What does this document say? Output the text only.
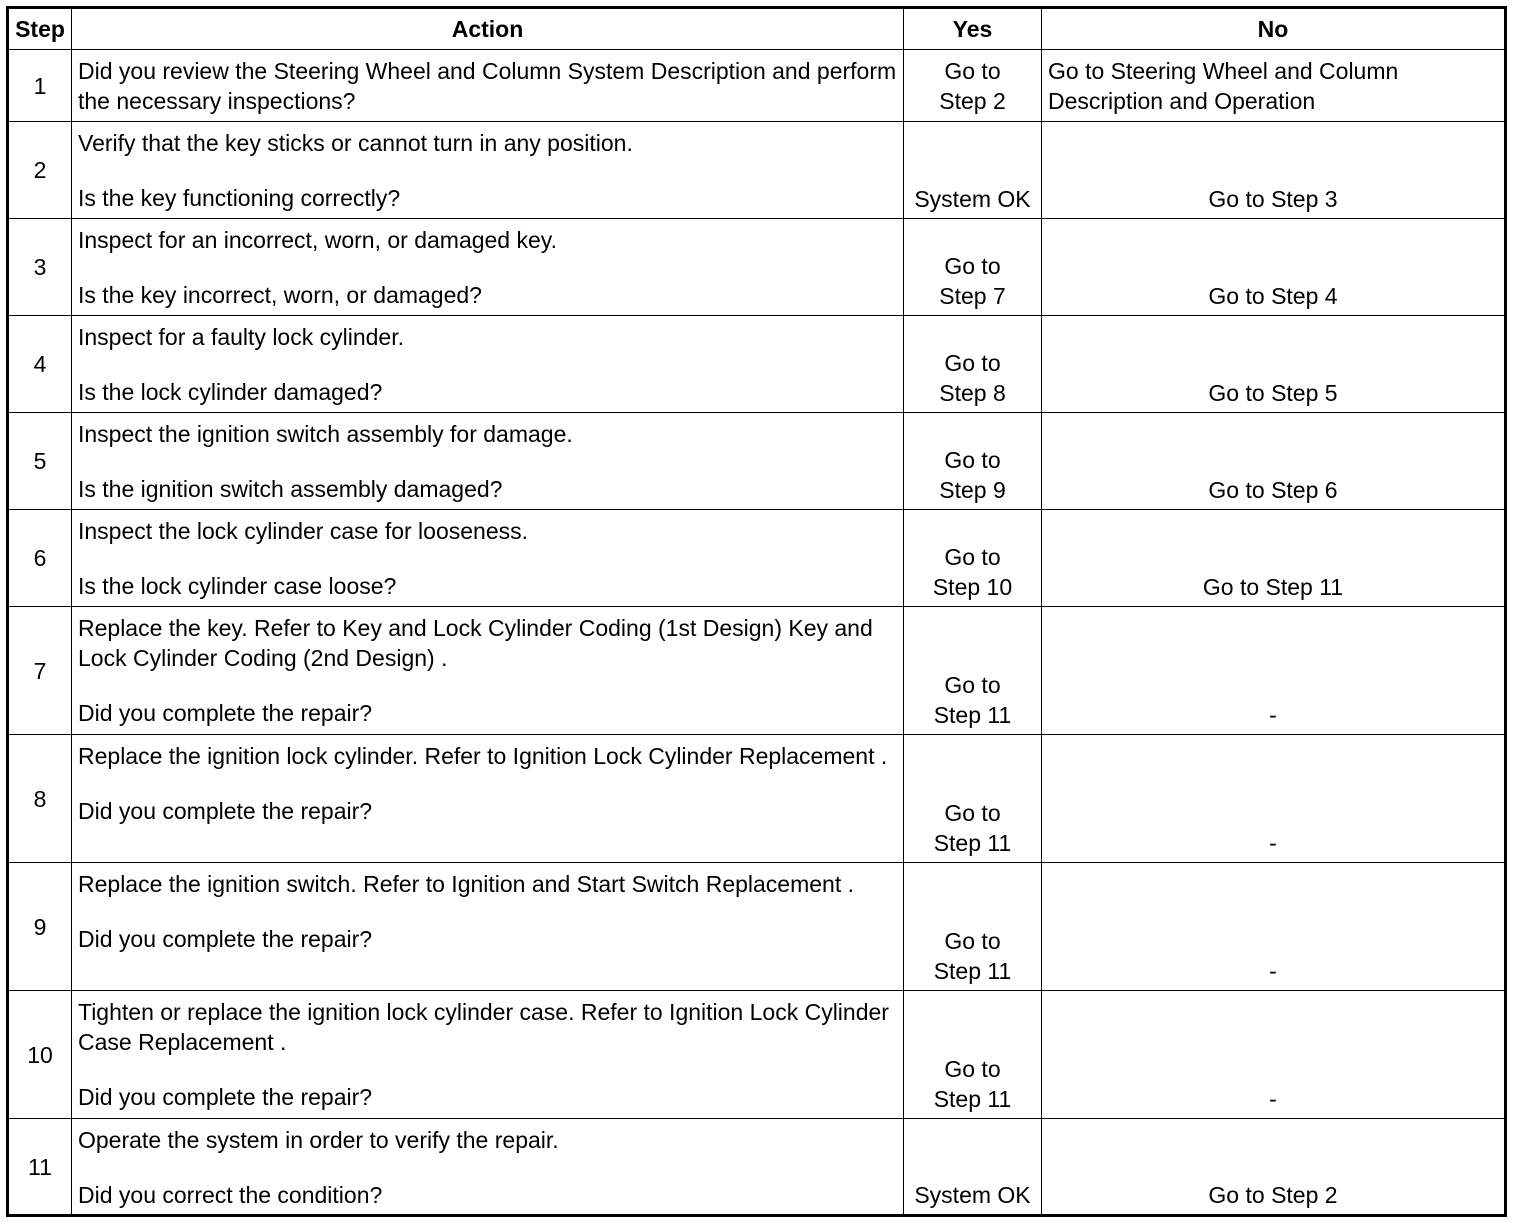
Step	Action	Yes	No
1	Did you review the Steering Wheel and Column System Description and perform the necessary inspections?	Go to
Step 2	Go to Steering Wheel and Column Description and Operation
2	Verify that the key sticks or cannot turn in any position.
Is the key functioning correctly?	System OK	Go to Step 3
3	Inspect for an incorrect, worn, or damaged key.
Is the key incorrect, worn, or damaged?	Go to
Step 7	Go to Step 4
4	Inspect for a faulty lock cylinder.
Is the lock cylinder damaged?	Go to
Step 8	Go to Step 5
5	Inspect the ignition switch assembly for damage.
Is the ignition switch assembly damaged?	Go to
Step 9	Go to Step 6
6	Inspect the lock cylinder case for looseness.
Is the lock cylinder case loose?	Go to
Step 10	Go to Step 11
7	Replace the key. Refer to Key and Lock Cylinder Coding (1st Design) Key and Lock Cylinder Coding (2nd Design) .
Did you complete the repair?	Go to
Step 11	-
8	Replace the ignition lock cylinder. Refer to Ignition Lock Cylinder Replacement .
Did you complete the repair?	Go to
Step 11	-
9	Replace the ignition switch. Refer to Ignition and Start Switch Replacement .
Did you complete the repair?	Go to
Step 11	-
10	Tighten or replace the ignition lock cylinder case. Refer to Ignition Lock Cylinder Case Replacement .
Did you complete the repair?	Go to
Step 11	-
11	Operate the system in order to verify the repair.
Did you correct the condition?	System OK	Go to Step 2
